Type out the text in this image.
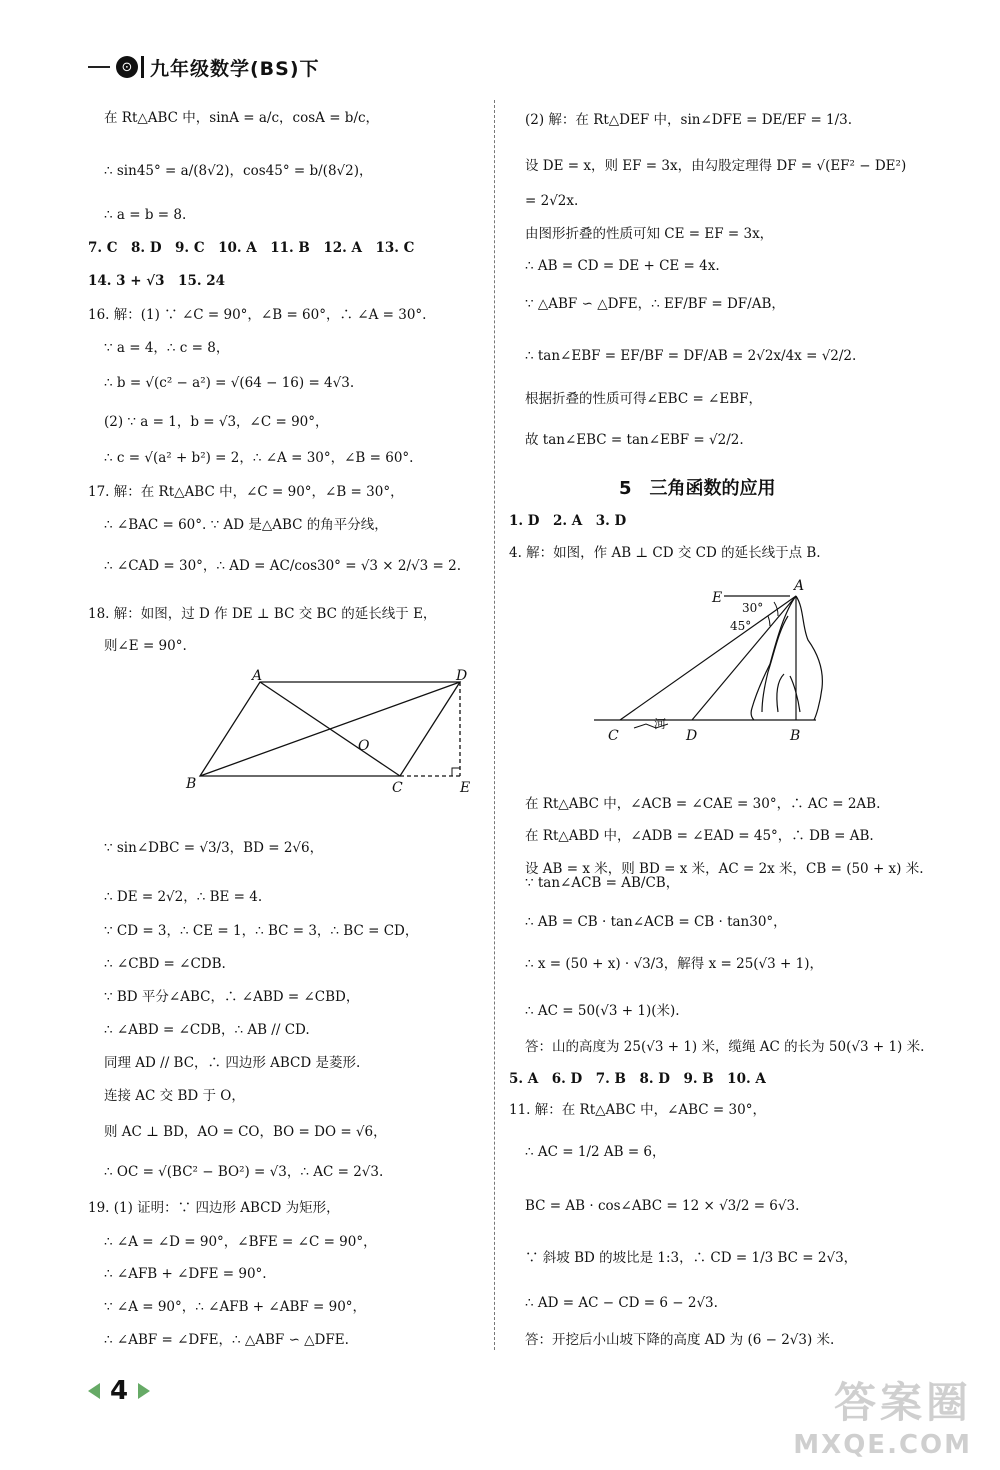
⊙ 九年级数学(BS)下
在 Rt△ABC 中，sinA = a/c，cosA = b/c，
∴ sin45° = a/(8√2)，cos45° = b/(8√2)，
∴ a = b = 8.
7. C　8. D　9. C　10. A　11. B　12. A　13. C
14. 3 + √3　15. 24
16. 解：(1) ∵ ∠C = 90°，∠B = 60°，∴ ∠A = 30°.
∵ a = 4，∴ c = 8，
∴ b = √(c² − a²) = √(64 − 16) = 4√3.
(2) ∵ a = 1，b = √3，∠C = 90°，
∴ c = √(a² + b²) = 2，∴ ∠A = 30°，∠B = 60°.
17. 解：在 Rt△ABC 中，∠C = 90°，∠B = 30°，
∴ ∠BAC = 60°. ∵ AD 是△ABC 的角平分线，
∴ ∠CAD = 30°，∴ AD = AC/cos30° = √3 × 2/√3 = 2.
18. 解：如图，过 D 作 DE ⊥ BC 交 BC 的延长线于 E，
则∠E = 90°.
A	D
B	C	E
O
∵ sin∠DBC = √3/3，BD = 2√6，
∴ DE = 2√2，∴ BE = 4.
∵ CD = 3，∴ CE = 1，∴ BC = 3，∴ BC = CD，
∴ ∠CBD = ∠CDB.
∵ BD 平分∠ABC，∴ ∠ABD = ∠CBD，
∴ ∠ABD = ∠CDB，∴ AB // CD.
同理 AD // BC，∴ 四边形 ABCD 是菱形.
连接 AC 交 BD 于 O，
则 AC ⊥ BD，AO = CO，BO = DO = √6，
∴ OC = √(BC² − BO²) = √3，∴ AC = 2√3.
19. (1) 证明：∵ 四边形 ABCD 为矩形，
∴ ∠A = ∠D = 90°，∠BFE = ∠C = 90°，
∴ ∠AFB + ∠DFE = 90°.
∵ ∠A = 90°，∴ ∠AFB + ∠ABF = 90°，
∴ ∠ABF = ∠DFE，∴ △ABF ∽ △DFE.
(2) 解：在 Rt△DEF 中，sin∠DFE = DE/EF = 1/3.
设 DE = x，则 EF = 3x，由勾股定理得 DF = √(EF² − DE²)
= 2√2x.
由图形折叠的性质可知 CE = EF = 3x，
∴ AB = CD = DE + CE = 4x.
∵ △ABF ∽ △DFE，∴ EF/BF = DF/AB，
∴ tan∠EBF = EF/BF = DF/AB = 2√2x/4x = √2/2.
根据折叠的性质可得∠EBC = ∠EBF，
故 tan∠EBC = tan∠EBF = √2/2.
5　三角函数的应用
1. D　2. A　3. D
4. 解：如图，作 AB ⊥ CD 交 CD 的延长线于点 B.
E
A
C	D	B
30°
45°
河
在 Rt△ABC 中，∠ACB = ∠CAE = 30°，∴ AC = 2AB.
在 Rt△ABD 中，∠ADB = ∠EAD = 45°，∴ DB = AB.
设 AB = x 米，则 BD = x 米，AC = 2x 米，CB = (50 + x) 米.
∵ tan∠ACB = AB/CB，
∴ AB = CB · tan∠ACB = CB · tan30°，
∴ x = (50 + x) · √3/3，解得 x = 25(√3 + 1)，
∴ AC = 50(√3 + 1)(米).
答：山的高度为 25(√3 + 1) 米，缆绳 AC 的长为 50(√3 + 1) 米.
5. A　6. D　7. B　8. D　9. B　10. A
11. 解：在 Rt△ABC 中，∠ABC = 30°，
∴ AC = 1/2 AB = 6，
BC = AB · cos∠ABC = 12 × √3/2 = 6√3.
∵ 斜坡 BD 的坡比是 1:3，∴ CD = 1/3 BC = 2√3，
∴ AD = AC − CD = 6 − 2√3.
答：开挖后小山坡下降的高度 AD 为 (6 − 2√3) 米.
4	答案圈
MXQE.COM
